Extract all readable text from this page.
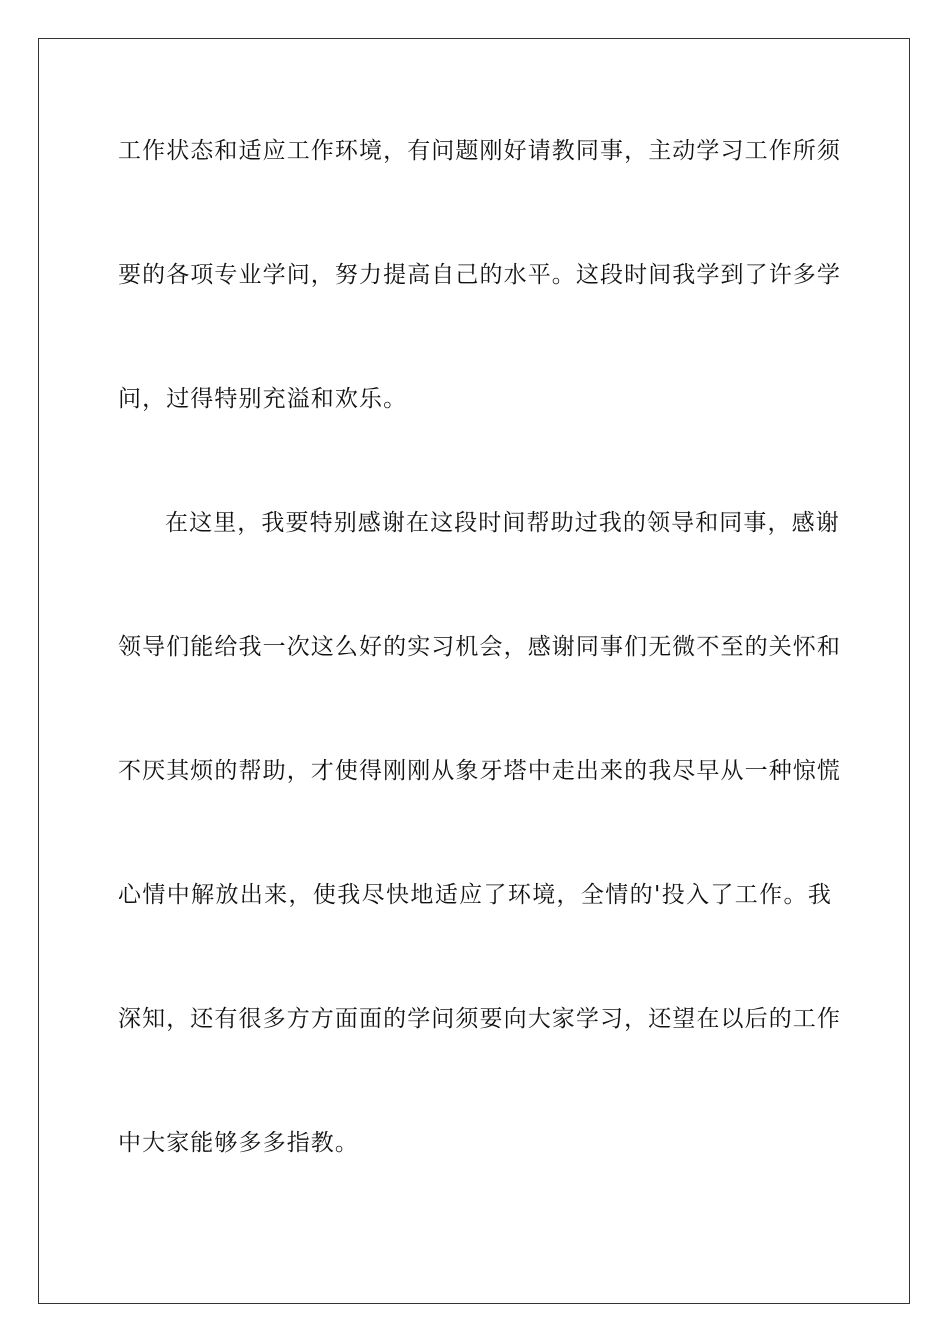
工作状态和适应工作环境，有问题刚好请教同事，主动学习工作所须
要的各项专业学问，努力提高自己的水平。这段时间我学到了许多学
问，过得特别充溢和欢乐。
在这里，我要特别感谢在这段时间帮助过我的领导和同事，感谢
领导们能给我一次这么好的实习机会，感谢同事们无微不至的关怀和
不厌其烦的帮助，才使得刚刚从象牙塔中走出来的我尽早从一种惊慌
心情中解放出来，使我尽快地适应了环境，全情的'投入了工作。我
深知，还有很多方方面面的学问须要向大家学习，还望在以后的工作
中大家能够多多指教。
